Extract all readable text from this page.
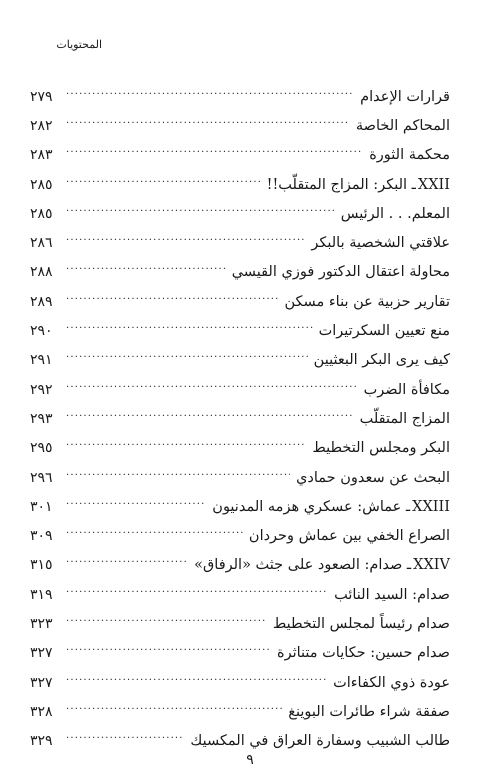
المحتويات
قرارات الإعدام
. . .
٢٧٩
المحاكم الخاصة
. . .
٢٨٢
محكمة الثورة
. . .
٢٨٣
XXIIـ البكر: المزاج المتقلّب!!
. . .
٢٨٥
المعلم. . . الرئيس
. . .
٢٨٥
علاقتي الشخصية بالبكر
. . .
٢٨٦
محاولة اعتقال الدكتور فوزي القيسي
. . .
٢٨٨
تقارير حزبية عن بناء مسكن
. . .
٢٨٩
منع تعيين السكرتيرات
. . .
٢٩٠
كيف يرى البكر البعثيين
. . .
٢٩١
مكافأة الضرب
. . .
٢٩٢
المزاج المتقلّب
. . .
٢٩٣
البكر ومجلس التخطيط
. . .
٢٩٥
البحث عن سعدون حمادي
. . .
٢٩٦
XXIIIـ عماش: عسكري هزمه المدنيون
. . .
٣٠١
الصراع الخفي بين عماش وحردان
. . .
٣٠٩
XXIVـ صدام: الصعود على جثث «الرفاق»
. . .
٣١٥
صدام: السيد النائب
. . .
٣١٩
صدام رئيساً لمجلس التخطيط
. . .
٣٢٣
صدام حسين: حكايات متناثرة
. . .
٣٢٧
عودة ذوي الكفاءات
. . .
٣٢٧
صفقة شراء طائرات البوينغ
. . .
٣٢٨
طالب الشبيب وسفارة العراق في المكسيك
. . .
٣٢٩
٩
